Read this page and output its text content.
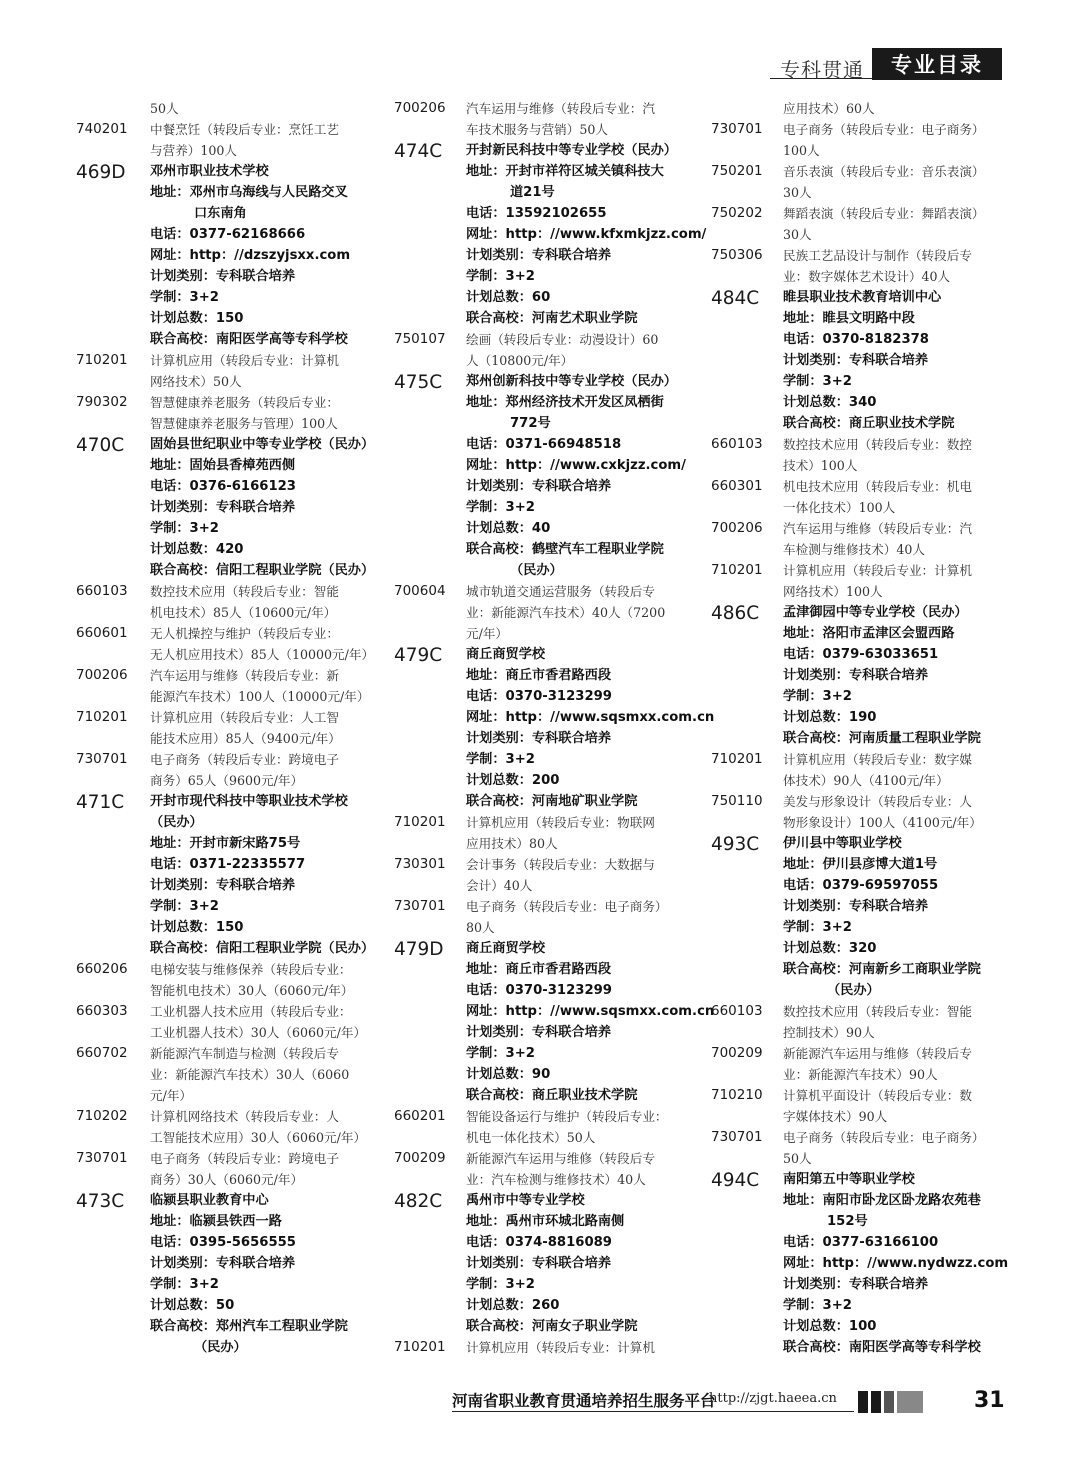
专科贯通	专业目录
50人
740201	中餐烹饪（转段后专业：烹饪工艺
与营养）100人
469D	邓州市职业技术学校
地址：邓州市乌海线与人民路交叉
口东南角
电话：0377-62168666
网址：http：//dzszyjsxx.com
计划类别：专科联合培养
学制：3+2
计划总数：150
联合高校：南阳医学高等专科学校
710201	计算机应用（转段后专业：计算机
网络技术）50人
790302	智慧健康养老服务（转段后专业：
智慧健康养老服务与管理）100人
470C	固始县世纪职业中等专业学校（民办）
地址：固始县香樟苑西侧
电话：0376-6166123
计划类别：专科联合培养
学制：3+2
计划总数：420
联合高校：信阳工程职业学院（民办）
660103	数控技术应用（转段后专业：智能
机电技术）85人（10600元/年）
660601	无人机操控与维护（转段后专业：
无人机应用技术）85人（10000元/年）
700206	汽车运用与维修（转段后专业：新
能源汽车技术）100人（10000元/年）
710201	计算机应用（转段后专业：人工智
能技术应用）85人（9400元/年）
730701	电子商务（转段后专业：跨境电子
商务）65人（9600元/年）
471C	开封市现代科技中等职业技术学校
（民办）
地址：开封市新宋路75号
电话：0371-22335577
计划类别：专科联合培养
学制：3+2
计划总数：150
联合高校：信阳工程职业学院（民办）
660206	电梯安装与维修保养（转段后专业：
智能机电技术）30人（6060元/年）
660303	工业机器人技术应用（转段后专业：
工业机器人技术）30人（6060元/年）
660702	新能源汽车制造与检测（转段后专
业：新能源汽车技术）30人（6060
元/年）
710202	计算机网络技术（转段后专业：人
工智能技术应用）30人（6060元/年）
730701	电子商务（转段后专业：跨境电子
商务）30人（6060元/年）
473C	临颍县职业教育中心
地址：临颍县铁西一路
电话：0395-5656555
计划类别：专科联合培养
学制：3+2
计划总数：50
联合高校：郑州汽车工程职业学院
（民办）
700206	汽车运用与维修（转段后专业：汽
车技术服务与营销）50人
474C	开封新民科技中等专业学校（民办）
地址：开封市祥符区城关镇科技大
道21号
电话：13592102655
网址：http：//www.kfxmkjzz.com/
计划类别：专科联合培养
学制：3+2
计划总数：60
联合高校：河南艺术职业学院
750107	绘画（转段后专业：动漫设计）60
人（10800元/年）
475C	郑州创新科技中等专业学校（民办）
地址：郑州经济技术开发区凤栖街
772号
电话：0371-66948518
网址：http：//www.cxkjzz.com/
计划类别：专科联合培养
学制：3+2
计划总数：40
联合高校：鹤壁汽车工程职业学院
（民办）
700604	城市轨道交通运营服务（转段后专
业：新能源汽车技术）40人（7200
元/年）
479C	商丘商贸学校
地址：商丘市香君路西段
电话：0370-3123299
网址：http：//www.sqsmxx.com.cn
计划类别：专科联合培养
学制：3+2
计划总数：200
联合高校：河南地矿职业学院
710201	计算机应用（转段后专业：物联网
应用技术）80人
730301	会计事务（转段后专业：大数据与
会计）40人
730701	电子商务（转段后专业：电子商务）
80人
479D	商丘商贸学校
地址：商丘市香君路西段
电话：0370-3123299
网址：http：//www.sqsmxx.com.cn
计划类别：专科联合培养
学制：3+2
计划总数：90
联合高校：商丘职业技术学院
660201	智能设备运行与维护（转段后专业：
机电一体化技术）50人
700209	新能源汽车运用与维修（转段后专
业：汽车检测与维修技术）40人
482C	禹州市中等专业学校
地址：禹州市环城北路南侧
电话：0374-8816089
计划类别：专科联合培养
学制：3+2
计划总数：260
联合高校：河南女子职业学院
710201	计算机应用（转段后专业：计算机
应用技术）60人
730701	电子商务（转段后专业：电子商务）
100人
750201	音乐表演（转段后专业：音乐表演）
30人
750202	舞蹈表演（转段后专业：舞蹈表演）
30人
750306	民族工艺品设计与制作（转段后专
业：数字媒体艺术设计）40人
484C	睢县职业技术教育培训中心
地址：睢县文明路中段
电话：0370-8182378
计划类别：专科联合培养
学制：3+2
计划总数：340
联合高校：商丘职业技术学院
660103	数控技术应用（转段后专业：数控
技术）100人
660301	机电技术应用（转段后专业：机电
一体化技术）100人
700206	汽车运用与维修（转段后专业：汽
车检测与维修技术）40人
710201	计算机应用（转段后专业：计算机
网络技术）100人
486C	孟津御园中等专业学校（民办）
地址：洛阳市孟津区会盟西路
电话：0379-63033651
计划类别：专科联合培养
学制：3+2
计划总数：190
联合高校：河南质量工程职业学院
710201	计算机应用（转段后专业：数字媒
体技术）90人（4100元/年）
750110	美发与形象设计（转段后专业：人
物形象设计）100人（4100元/年）
493C	伊川县中等职业学校
地址：伊川县彦博大道1号
电话：0379-69597055
计划类别：专科联合培养
学制：3+2
计划总数：320
联合高校：河南新乡工商职业学院
（民办）
660103	数控技术应用（转段后专业：智能
控制技术）90人
700209	新能源汽车运用与维修（转段后专
业：新能源汽车技术）90人
710210	计算机平面设计（转段后专业：数
字媒体技术）90人
730701	电子商务（转段后专业：电子商务）
50人
494C	南阳第五中等职业学校
地址：南阳市卧龙区卧龙路农苑巷
152号
电话：0377-63166100
网址：http：//www.nydwzz.com
计划类别：专科联合培养
学制：3+2
计划总数：100
联合高校：南阳医学高等专科学校
河南省职业教育贯通培养招生服务平台
http://zjgt.haeea.cn	31
